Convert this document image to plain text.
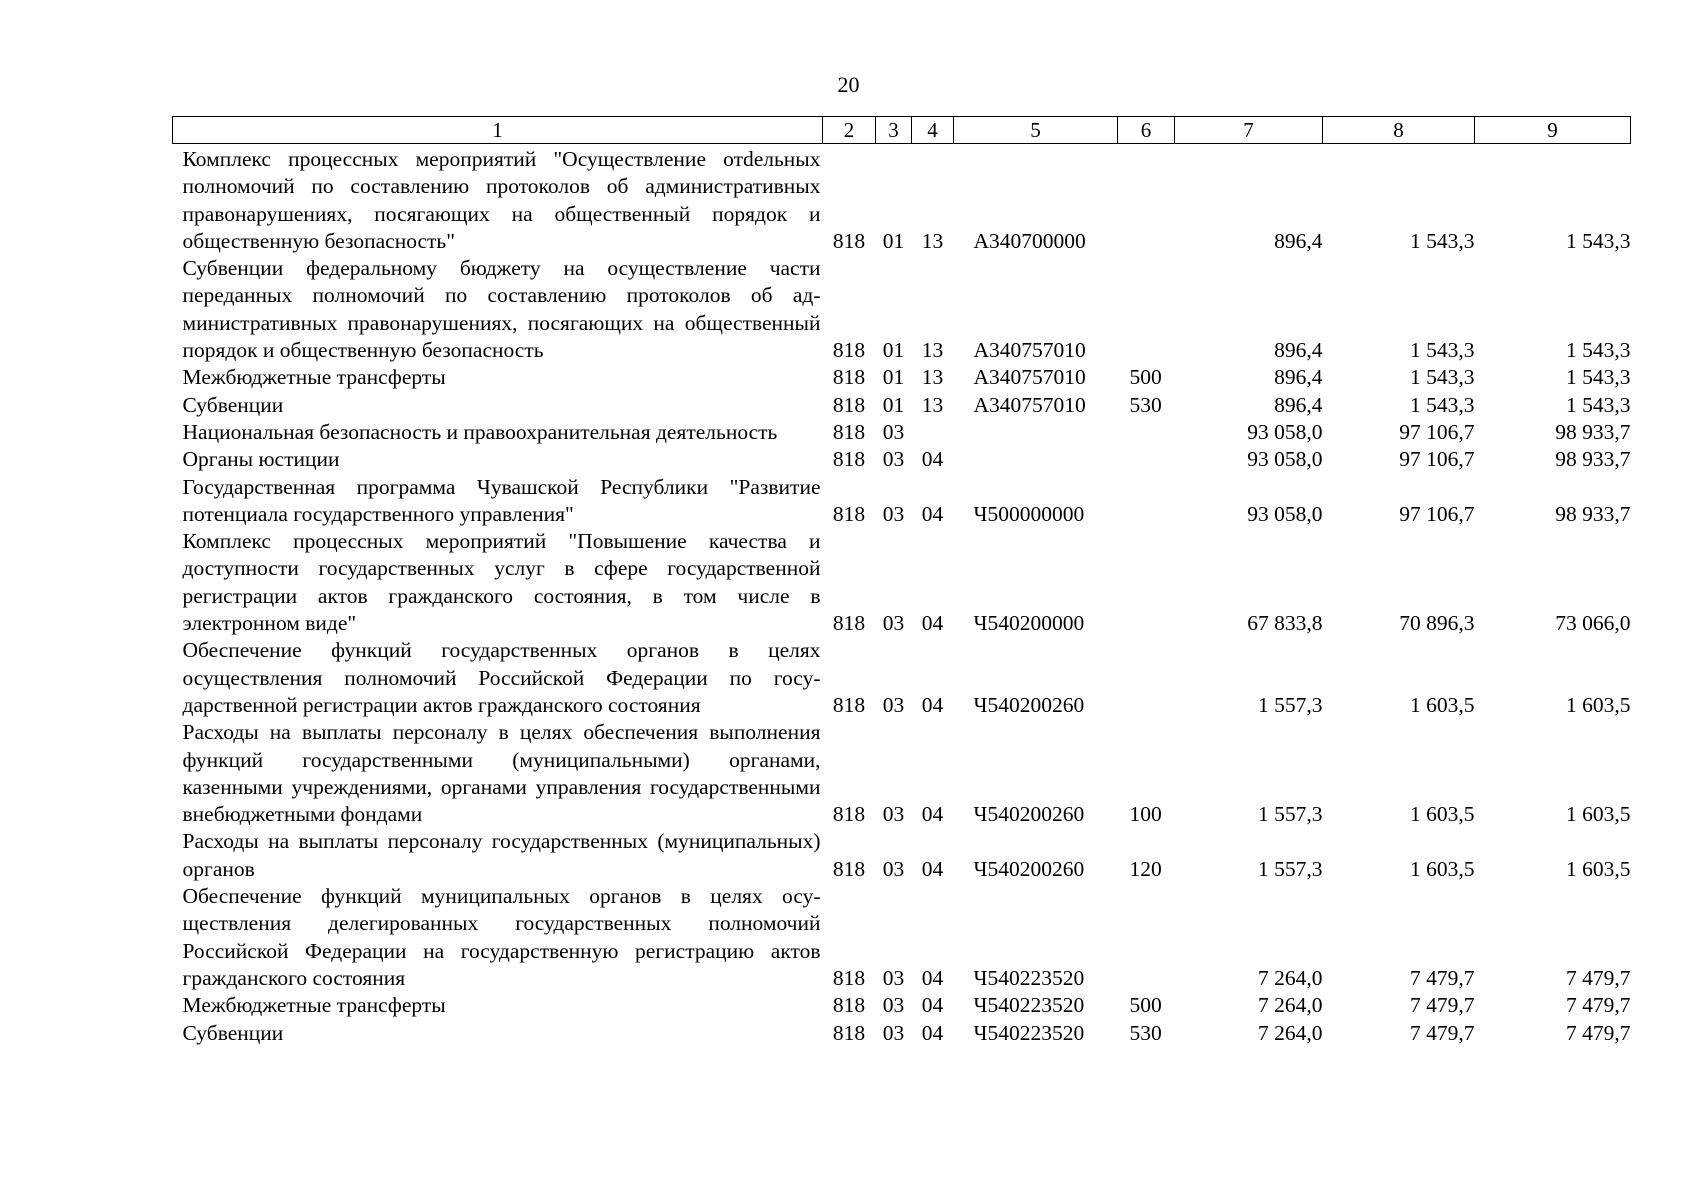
20
1	2	3	4	5	6	7	8	9
Комплекс процессных мероприятий "Осуществление отdельных полномочий по составлению протоколов об административных правонарушениях, посягающих на общественный порядок и общественную безопасность"	818	01	13	А340700000		896,4	1 543,3	1 543,3
Субвенции федеральному бюджету на осуществление части переданных полномочий по составлению протоколов об административных правонарушениях, посягающих на общественный порядок и общественную безопасность	818	01	13	А340757010		896,4	1 543,3	1 543,3
Межбюджетные трансферты	818	01	13	А340757010	500	896,4	1 543,3	1 543,3
Субвенции	818	01	13	А340757010	530	896,4	1 543,3	1 543,3
Национальная безопасность и правоохранительная деятельность	818	03				93 058,0	97 106,7	98 933,7
Органы юстиции	818	03	04			93 058,0	97 106,7	98 933,7
Государственная программа Чувашской Республики "Развитие потенциала государственного управления"	818	03	04	Ч500000000		93 058,0	97 106,7	98 933,7
Комплекс процессных мероприятий "Повышение качества и доступности государственных услуг в сфере государственной регистрации актов гражданского состояния, в том числе в электронном виде"	818	03	04	Ч540200000		67 833,8	70 896,3	73 066,0
Обеспечение функций государственных органов в целях осуществления полномочий Российской Федерации по государственной регистрации актов гражданского состояния	818	03	04	Ч540200260		1 557,3	1 603,5	1 603,5
Расходы на выплаты персоналу в целях обеспечения выполнения функций государственными (муниципальными) органами, казенными учреждениями, органами управления государственными внебюджетными фондами	818	03	04	Ч540200260	100	1 557,3	1 603,5	1 603,5
Расходы на выплаты персоналу государственных (муниципальных) органов	818	03	04	Ч540200260	120	1 557,3	1 603,5	1 603,5
Обеспечение функций муниципальных органов в целях осуществления делегированных государственных полномочий Российской Федерации на государственную регистрацию актов гражданского состояния	818	03	04	Ч540223520		7 264,0	7 479,7	7 479,7
Межбюджетные трансферты	818	03	04	Ч540223520	500	7 264,0	7 479,7	7 479,7
Субвенции	818	03	04	Ч540223520	530	7 264,0	7 479,7	7 479,7
